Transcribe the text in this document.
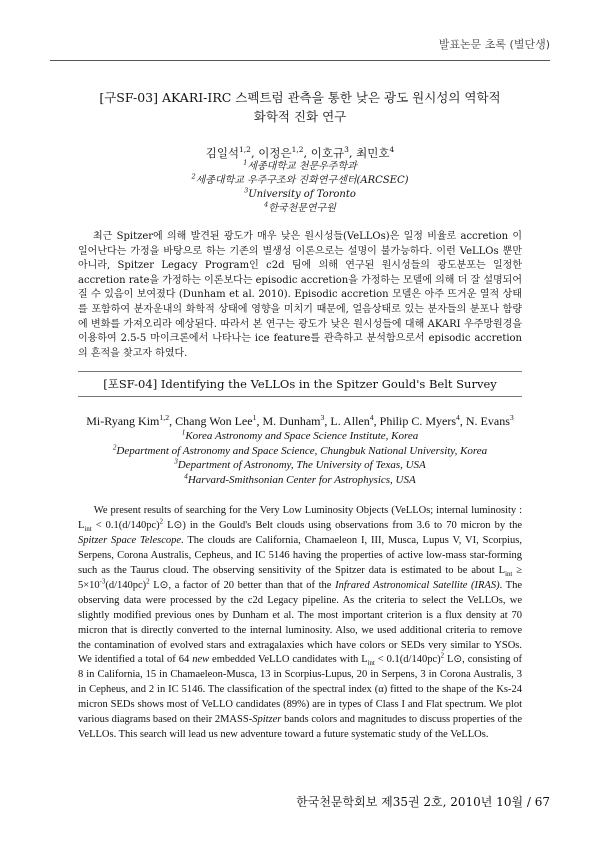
발표논문 초록 (별단생)

[구SF-03] AKARI-IRC 스펙트럼 관측을 통한 낮은 광도 원시성의 역학적
화학적 진화 연구

김일석$^{1,2}$, 이정은$^{1,2}$, 이호규$^3$, 최민호$^4$
$^1$세종대학교 천문우주학과
$^2$세종대학교 우주구조와 진화연구센터(ARCSEC)
$^3$University of Toronto
$^4$한국천문연구원

최근 Spitzer에 의해 발견된 광도가 매우 낮은 원시성들(VeLLOs)은 일정 비율로 accretion 이 일어난다는 가정을 바탕으로 하는 기존의 별생성 이론으로는 설명이 불가능하다. 이런 VeLLOs 뿐만 아니라, Spitzer Legacy Program인 c2d 팀에 의해 연구된 원시성들의 광도분포는 일정한 accretion rate을 가정하는 이론보다는 episodic accretion을 가정하는 모델에 의해 더 잘 설명되어질 수 있음이 보여졌다 (Dunham et al. 2010). Episodic accretion 모델은 아주 뜨거운 열적 상태를 포함하여 분자운내의 화학적 상태에 영향을 미치기 때문에, 얼음상태로 있는 분자들의 분포나 함량에 변화를 가져오리라 예상된다. 따라서 본 연구는 광도가 낮은 원시성들에 대해 AKARI 우주망원경을 이용하여 2.5-5 마이크론에서 나타나는 ice feature를 관측하고 분석함으로서 episodic accretion의 흔적을 찾고자 하였다.

[포SF-04] Identifying the VeLLOs in the Spitzer Gould's Belt Survey

Mi-Ryang Kim$^{1,2}$, Chang Won Lee$^1$, M. Dunham$^3$, L. Allen$^4$, Philip C. Myers$^4$, N. Evans$^3$
$^1$Korea Astronomy and Space Science Institute, Korea
$^2$Department of Astronomy and Space Science, Chungbuk National University, Korea
$^3$Department of Astronomy, The University of Texas, USA
$^4$Harvard-Smithsonian Center for Astrophysics, USA

We present results of searching for the Very Low Luminosity Objects (VeLLOs; internal luminosity : $L_{int} < 0.1(d/140pc)^2$ L⊙) in the Gould's Belt clouds using observations from 3.6 to 70 micron by the Spitzer Space Telescope. The clouds are California, Chamaeleon I, III, Musca, Lupus V, VI, Scorpius, Serpens, Corona Australis, Cepheus, and IC 5146 having the properties of active low-mass star-forming such as the Taurus cloud. The observing sensitivity of the Spitzer data is estimated to be about $L_{int} \ge 5\times 10^{-3}(d/140pc)^2$ L⊙, a factor of 20 better than that of the Infrared Astronomical Satellite (IRAS). The observing data were processed by the c2d Legacy pipeline. As the criteria to select the VeLLOs, we slightly modified previous ones by Dunham et al. The most important criterion is a flux density at 70 micron that is directly converted to the internal luminosity. Also, we used additional criteria to remove the contamination of evolved stars and extragalaxies which have colors or SEDs very similar to YSOs. We identified a total of 64 new embedded VeLLO candidates with $L_{int} < 0.1(d/140pc)^2$ L⊙, consisting of 8 in California, 15 in Chamaeleon-Musca, 13 in Scorpius-Lupus, 20 in Serpens, 3 in Corona Australis, 3 in Cepheus, and 2 in IC 5146. The classification of the spectral index (α) fitted to the shape of the Ks-24 micron SEDs shows most of VeLLO candidates (89%) are in types of Class I and Flat spectrum. We plot various diagrams based on their 2MASS-Spitzer bands colors and magnitudes to discuss properties of the VeLLOs. This search will lead us new adventure toward a future systematic study of the VeLLOs.

한국천문학회보 제35권 2호, 2010년 10월 / 67
